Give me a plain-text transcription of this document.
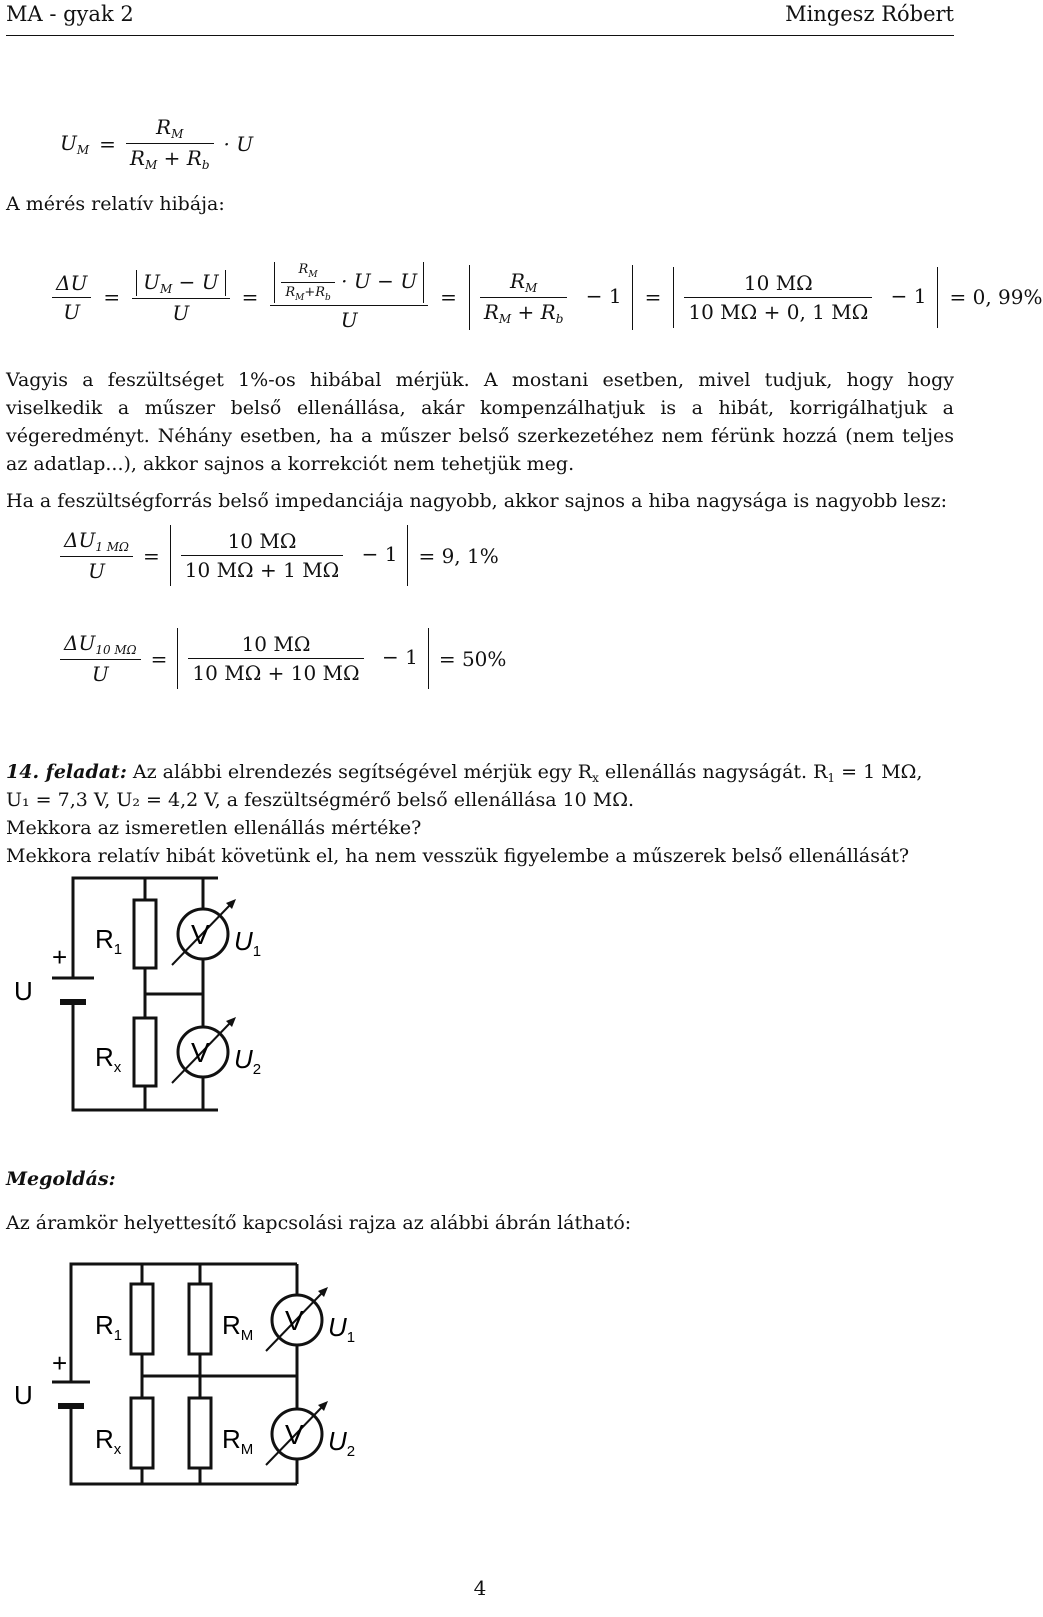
MA - gyak 2	Mingesz Róbert
$U_M = \frac{R_M}{R_M + R_b} \cdot U$
A mérés relatív hibája:
$\frac{\Delta U}{U} = \frac{U_M - U}{U} = \frac{\frac{R_M}{R_M+R_b} \cdot U - U}{U} = \frac{R_M}{R_M + R_b} - 1$	= $\frac{10 M\Omega}{10 M\Omega + 0, 1 M\Omega} - 1$	= 0, 99%
Vagyis a feszültséget 1%-os hibábal mérjük. A mostani esetben, mivel tudjuk, hogy hogy viselkedik a műszer belső ellenállása, akár kompenzálhatjuk is a hibát, korrigálhatjuk a végeredményt. Néhány esetben, ha a műszer belső szerkezetéhez nem férünk hozzá (nem teljes az adatlap...), akkor sajnos a korrekciót nem tehetjük meg.
Ha a feszültségforrás belső impedanciája nagyobb, akkor sajnos a hiba nagysága is nagyobb lesz:
$\frac{\Delta U_{1 M\Omega}}{U} = \frac{10 M\Omega}{10 M\Omega + 1 M\Omega} - 1$	= 9, 1%
$\frac{\Delta U_{10 M\Omega}}{U} = \frac{10 M\Omega}{10 M\Omega + 10 M\Omega} - 1$	= 50%
14. feladat: Az alábbi elrendezés segítségével mérjük egy $R_x$ ellenállás nagyságát. $R_1 = 1$ MΩ,
U₁ = 7,3 V, U₂ = 4,2 V, a feszültségmérő belső ellenállása 10 MΩ.
Mekkora az ismeretlen ellenállás mértéke?
Mekkora relatív hibát követünk el, ha nem vesszük figyelembe a műszerek belső ellenállását?
U
+
$R_1$
$R_x$
V
V
$U_1$
$U_2$
Megoldás:
Az áramkör helyettesítő kapcsolási rajza az alábbi ábrán látható:
U
+
$R_1$
$R_x$
$R_M$
$R_M$
V
V
$U_1$
$U_2$
4
